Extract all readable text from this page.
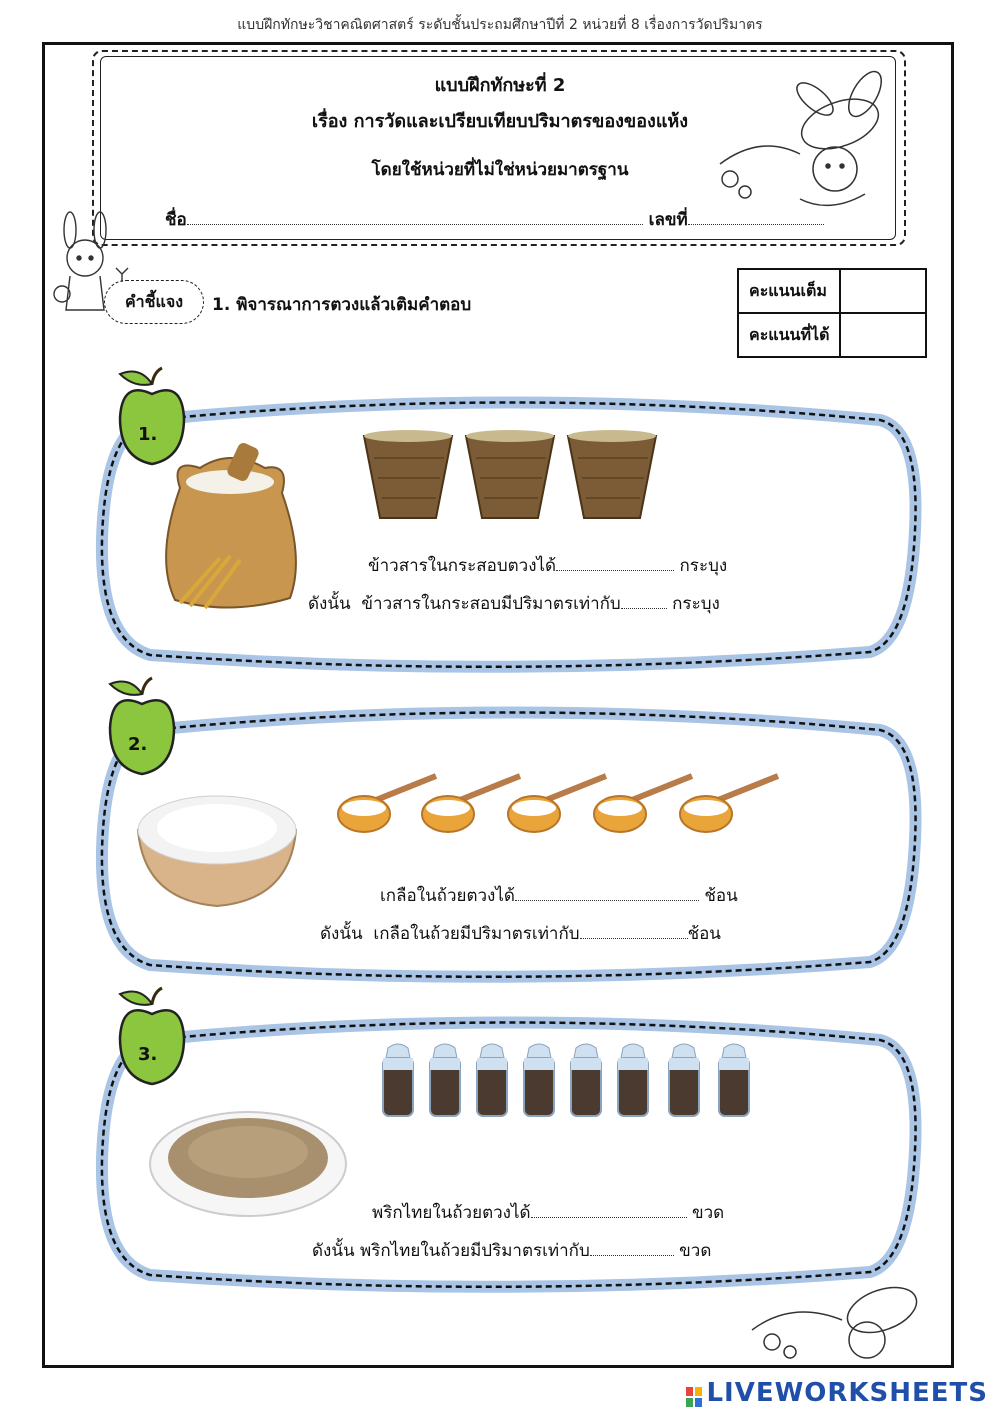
แบบฝึกทักษะวิชาคณิตศาสตร์ ระดับชั้นประถมศึกษาปีที่ 2 หน่วยที่ 8 เรื่องการวัดปริมาตร
แบบฝึกทักษะที่ 2
เรื่อง การวัดและเปรียบเทียบปริมาตรของของแห้ง
โดยใช้หน่วยที่ไม่ใช่หน่วยมาตรฐาน
ชื่อ	เลขที่
คำชี้แจง	1. พิจารณาการตวงแล้วเติมคำตอบ
คะแนนเต็ม	
คะแนนที่ได้	
1.
ข้าวสารในกระสอบตวงได้	กระบุง
ดังนั้น ข้าวสารในกระสอบมีปริมาตรเท่ากับ	กระบุง
2.
เกลือในถ้วยตวงได้	ช้อน
ดังนั้น เกลือในถ้วยมีปริมาตรเท่ากับ	ช้อน
3.
พริกไทยในถ้วยตวงได้	ขวด
ดังนั้น พริกไทยในถ้วยมีปริมาตรเท่ากับ	ขวด
LIVEWORKSHEETS
